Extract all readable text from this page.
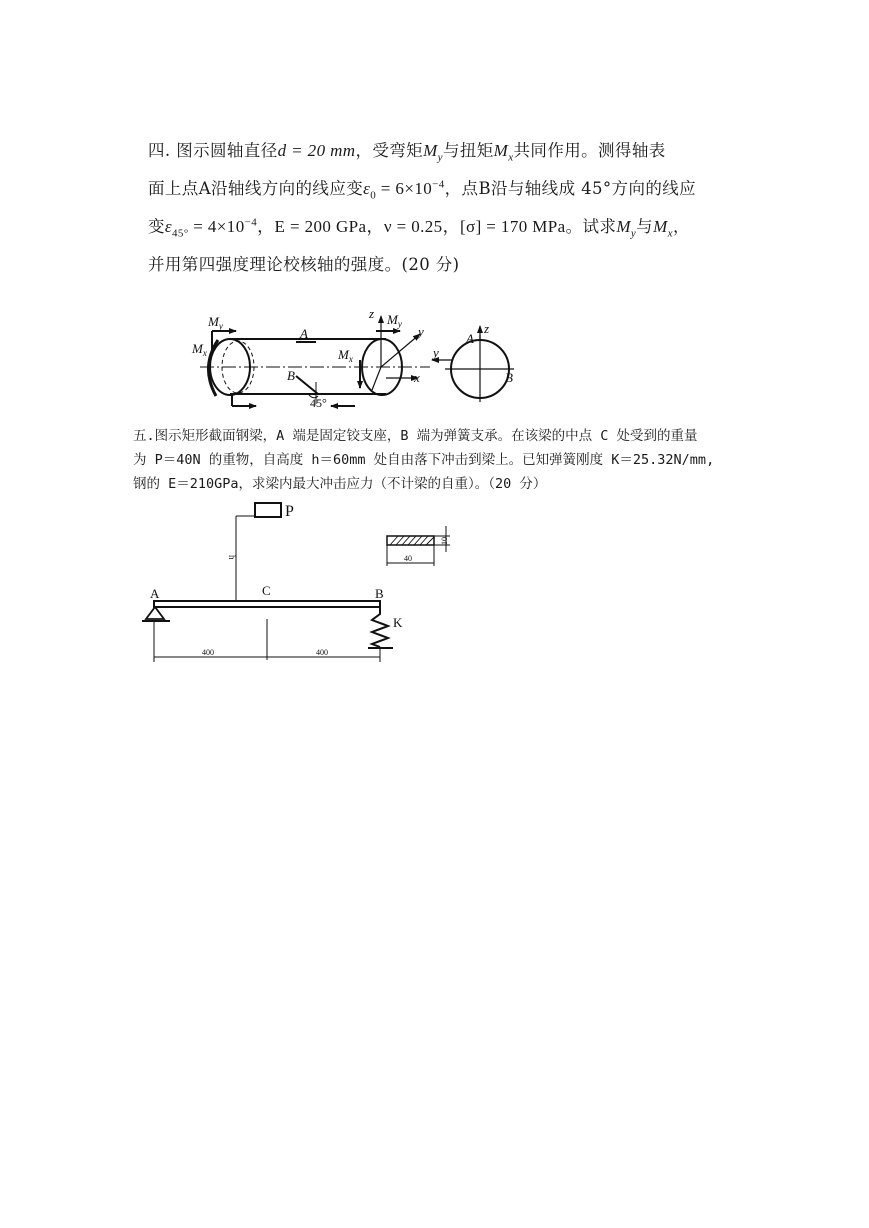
四. 图示圆轴直径d = 20 mm，受弯矩$M_y$与扭矩$M_x$共同作用。测得轴表

面上点A沿轴线方向的线应变$\varepsilon_0 = 6\times 10^{-4}$，点B沿与轴线成 45°方向的线应

变$\varepsilon_{45^\circ} = 4\times 10^{-4}$，E = 200 GPa，ν = 0.25，[σ] = 170 MPa。试求$M_y$与$M_x$，

并用第四强度理论校核轴的强度。(20 分)

$M_y$
$M_x$
A
B
45°
z $M_y$ y
$M_x$
x
z
A
y
B

五.图示矩形截面钢梁，A 端是固定铰支座，B 端为弹簧支承。在该梁的中点 C 处受到的重量

为 P＝40N 的重物，自高度 h＝60mm 处自由落下冲击到梁上。已知弹簧刚度 K＝25.32N/mm,

钢的 E＝210GPa，求梁内最大冲击应力（不计梁的自重）。（20 分）

P
h
A	C	B
K
400	400
40
10
